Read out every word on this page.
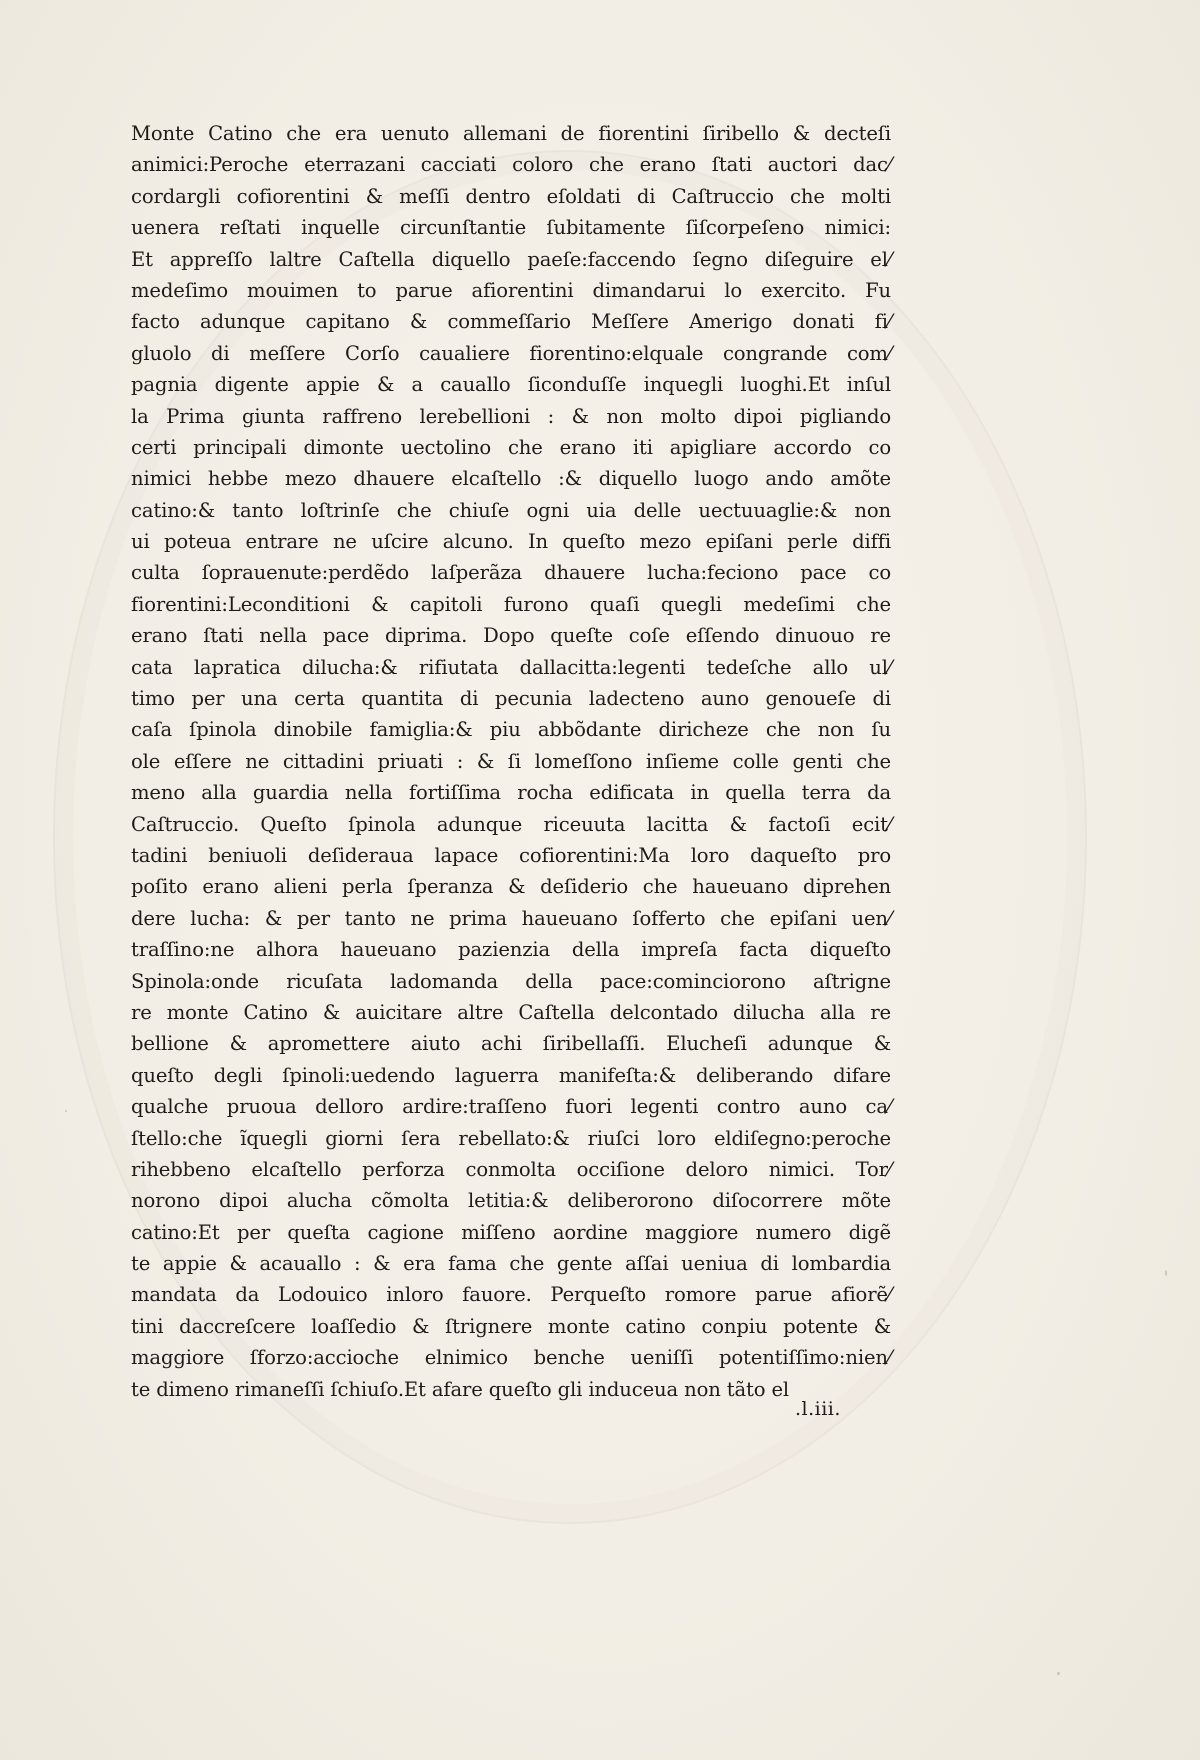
Monte Catino che era uenuto allemani de fiorentini ſiribello & decteſi
animici:Peroche eterrazani cacciati coloro che erano ſtati auctori dac⁄
cordargli cofiorentini & meſſi dentro eſoldati di Caſtruccio che molti
uenera reſtati inquelle circunſtantie ſubitamente ſiſcorpeſeno nimici:
Et appreſſo laltre Caſtella diquello paeſe:faccendo ſegno diſeguire el⁄
medeſimo mouimen to parue afiorentini dimandarui lo exercito. Fu
facto adunque capitano & commeſſario Meſſere Amerigo donati fi⁄
gluolo di meſſere Corſo caualiere fiorentino:elquale congrande com⁄
pagnia digente appie & a cauallo ſiconduſſe inquegli luoghi.Et inſul
la Prima giunta raffreno lerebellioni : & non molto dipoi pigliando
certi principali dimonte uectolino che erano iti apigliare accordo co
nimici hebbe mezo dhauere elcaſtello :& diquello luogo ando amõte
catino:& tanto loſtrinſe che chiuſe ogni uia delle uectuuaglie:& non
ui poteua entrare ne uſcire alcuno. In queſto mezo epiſani perle diffi
culta ſoprauenute:perdẽdo laſperãza dhauere lucha:feciono pace co
fiorentini:Leconditioni & capitoli furono quaſi quegli medeſimi che
erano ſtati nella pace diprima. Dopo queſte coſe eſſendo dinuouo re
cata lapratica dilucha:& rifiutata dallacitta:legenti tedeſche allo ul⁄
timo per una certa quantita di pecunia ladecteno auno genoueſe di
caſa ſpinola dinobile famiglia:& piu abbõdante diricheze che non ſu
ole eſſere ne cittadini priuati : & ſi lomeſſono inſieme colle genti che
meno alla guardia nella fortiſſima rocha edificata in quella terra da
Caſtruccio. Queſto ſpinola adunque riceuuta lacitta & factoſi ecit⁄
tadini beniuoli deſideraua lapace cofiorentini:Ma loro daqueſto pro
poſito erano alieni perla ſperanza & deſiderio che haueuano diprehen
dere lucha: & per tanto ne prima haueuano ſofferto che epiſani uen⁄
traſſino:ne alhora haueuano pazienzia della impreſa facta diqueſto
Spinola:onde ricuſata ladomanda della pace:cominciorono aſtrigne
re monte Catino & auicitare altre Caſtella delcontado dilucha alla re
bellione & apromettere aiuto achi ſiribellaſſi. Elucheſi adunque &
queſto degli ſpinoli:uedendo laguerra manifeſta:& deliberando difare
qualche pruoua delloro ardire:traſſeno fuori legenti contro auno ca⁄
ſtello:che ĩquegli giorni ſera rebellato:& riuſci loro eldiſegno:peroche
rihebbeno elcaſtello perforza conmolta occiſione deloro nimici. Tor⁄
norono dipoi alucha cõmolta letitia:& deliberorono diſocorrere mõte
catino:Et per queſta cagione miſſeno aordine maggiore numero digẽ
te appie & acauallo : & era fama che gente aſſai ueniua di lombardia
mandata da Lodouico inloro fauore. Perqueſto romore parue afiorẽ⁄
tini daccreſcere loaſſedio & ſtrignere monte catino conpiu potente &
maggiore ſforzo:accioche elnimico benche ueniſſi potentiſſimo:nien⁄
te dimeno rimaneſſi ſchiuſo.Et afare queſto gli induceua non tãto el
.l.iii.
